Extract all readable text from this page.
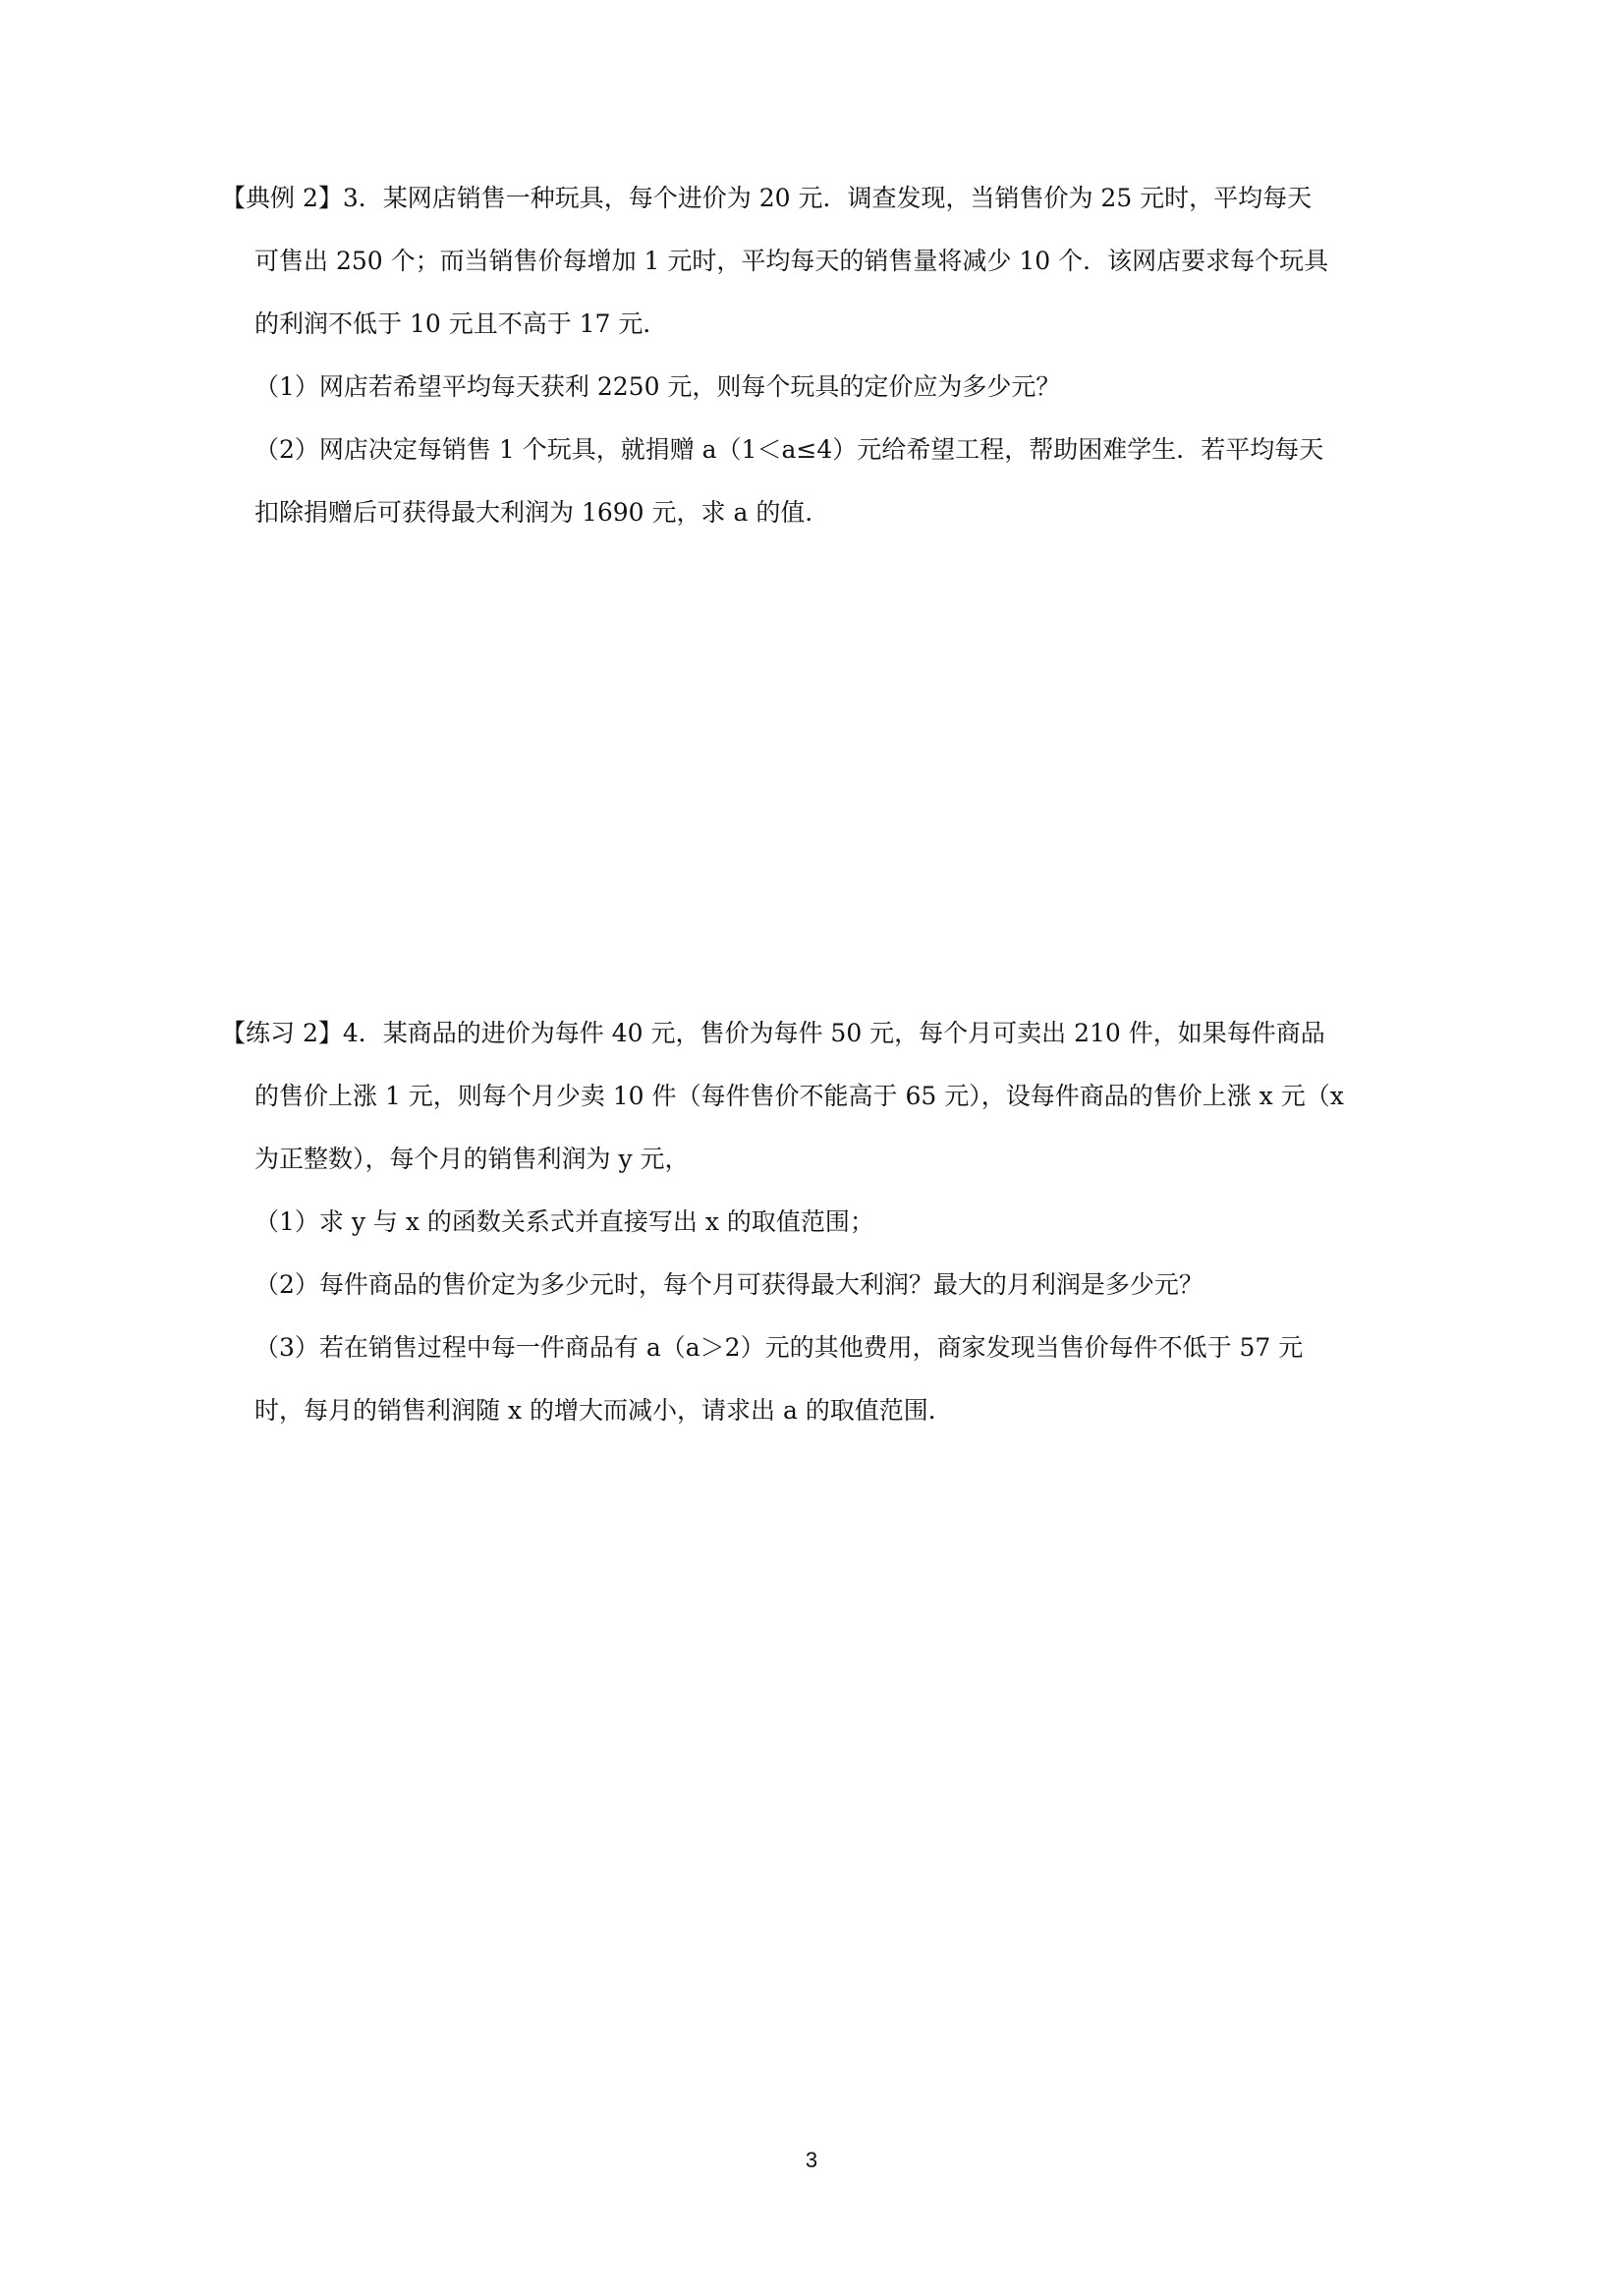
【典例 2】3．某网店销售一种玩具，每个进价为 20 元．调查发现，当销售价为 25 元时，平均每天
可售出 250 个；而当销售价每增加 1 元时，平均每天的销售量将减少 10 个．该网店要求每个玩具
的利润不低于 10 元且不高于 17 元．
（1）网店若希望平均每天获利 2250 元，则每个玩具的定价应为多少元？
（2）网店决定每销售 1 个玩具，就捐赠 a（1＜a≤4）元给希望工程，帮助困难学生．若平均每天
扣除捐赠后可获得最大利润为 1690 元，求 a 的值．
【练习 2】4．某商品的进价为每件 40 元，售价为每件 50 元，每个月可卖出 210 件，如果每件商品
的售价上涨 1 元，则每个月少卖 10 件（每件售价不能高于 65 元），设每件商品的售价上涨 x 元（x
为正整数），每个月的销售利润为 y 元，
（1）求 y 与 x 的函数关系式并直接写出 x 的取值范围；
（2）每件商品的售价定为多少元时，每个月可获得最大利润？最大的月利润是多少元？
（3）若在销售过程中每一件商品有 a（a＞2）元的其他费用，商家发现当售价每件不低于 57 元
时，每月的销售利润随 x 的增大而减小，请求出 a 的取值范围．
3
